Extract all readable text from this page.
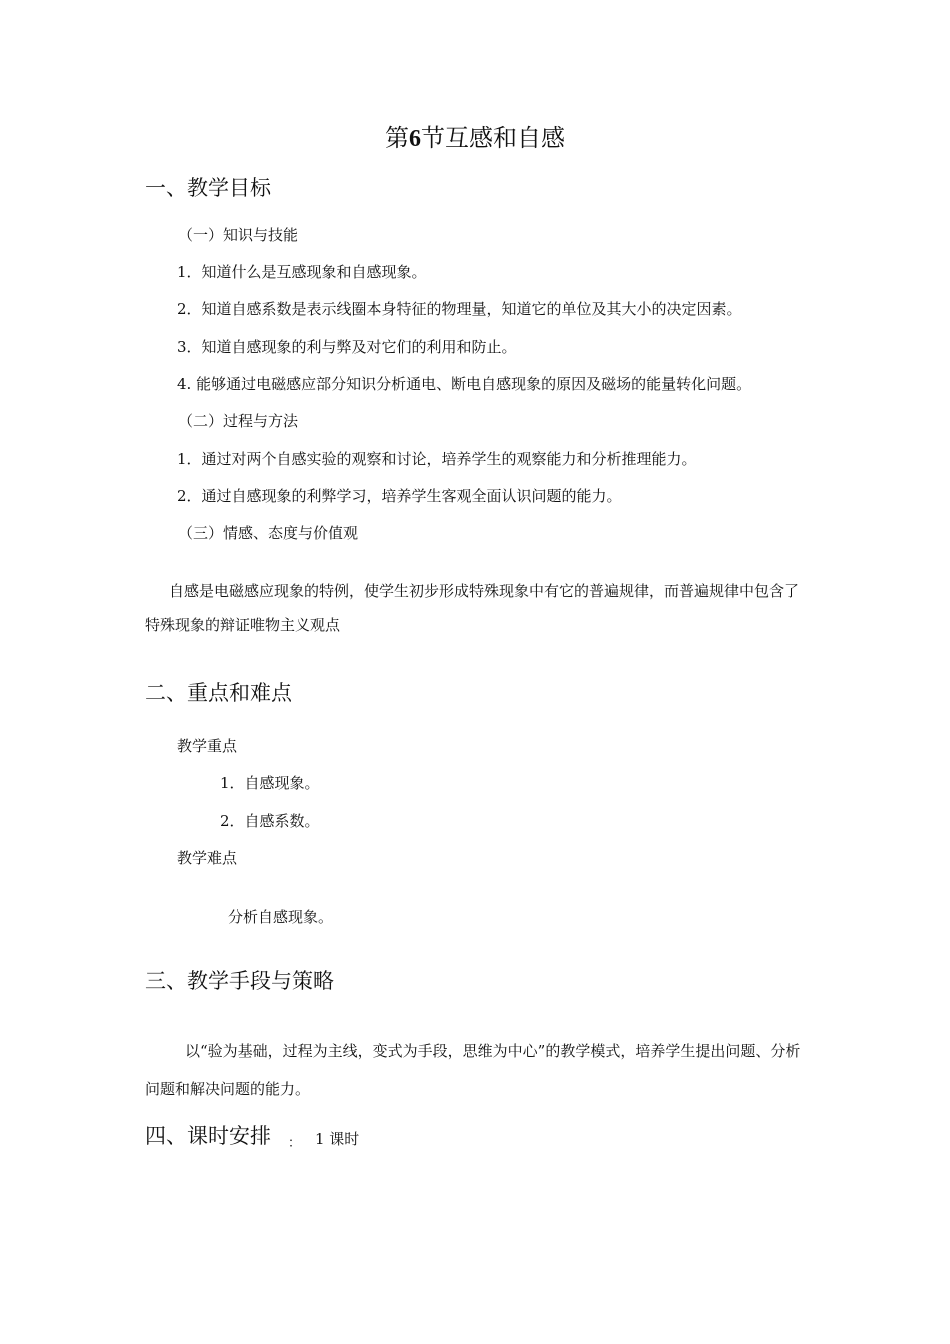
第6节互感和自感
一、教学目标
（一）知识与技能
1．知道什么是互感现象和自感现象。
2．知道自感系数是表示线圈本身特征的物理量，知道它的单位及其大小的决定因素。
3．知道自感现象的利与弊及对它们的利用和防止。
4. 能够通过电磁感应部分知识分析通电、断电自感现象的原因及磁场的能量转化问题。
（二）过程与方法
1．通过对两个自感实验的观察和讨论，培养学生的观察能力和分析推理能力。
2．通过自感现象的利弊学习，培养学生客观全面认识问题的能力。
（三）情感、态度与价值观
自感是电磁感应现象的特例，使学生初步形成特殊现象中有它的普遍规律，而普遍规律中包含了特殊现象的辩证唯物主义观点
二、重点和难点
教学重点
1．自感现象。
2．自感系数。
教学难点
分析自感现象。
三、教学手段与策略
以“验为基础，过程为主线，变式为手段，思维为中心”的教学模式，培养学生提出问题、分析问题和解决问题的能力。
四、课时安排 ： 1 课时
